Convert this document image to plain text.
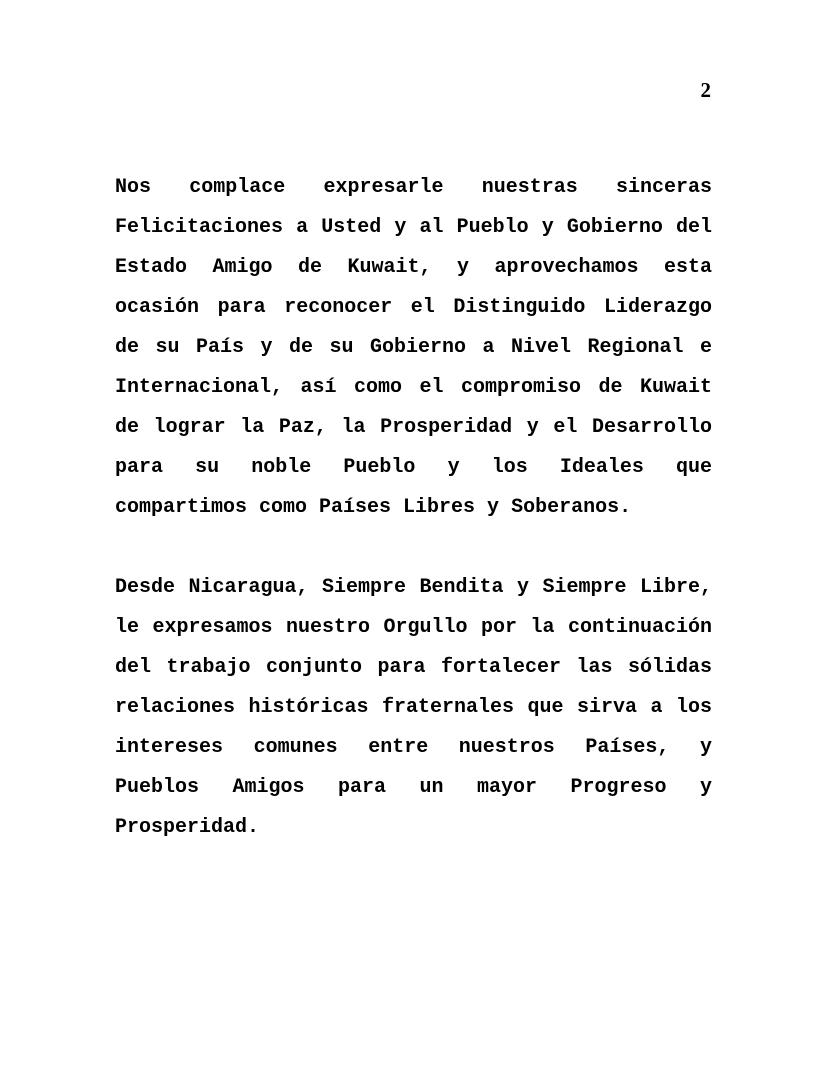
2

Nos complace expresarle nuestras sinceras Felicitaciones a Usted y al Pueblo y Gobierno del Estado Amigo de Kuwait, y aprovechamos esta ocasión para reconocer el Distinguido Liderazgo de su País y de su Gobierno a Nivel Regional e Internacional, así como el compromiso de Kuwait de lograr la Paz, la Prosperidad y el Desarrollo para su noble Pueblo y los Ideales que compartimos como Países Libres y Soberanos.

Desde Nicaragua, Siempre Bendita y Siempre Libre, le expresamos nuestro Orgullo por la continuación del trabajo conjunto para fortalecer las sólidas relaciones históricas fraternales que sirva a los intereses comunes entre nuestros Países, y Pueblos Amigos para un mayor Progreso y Prosperidad.
